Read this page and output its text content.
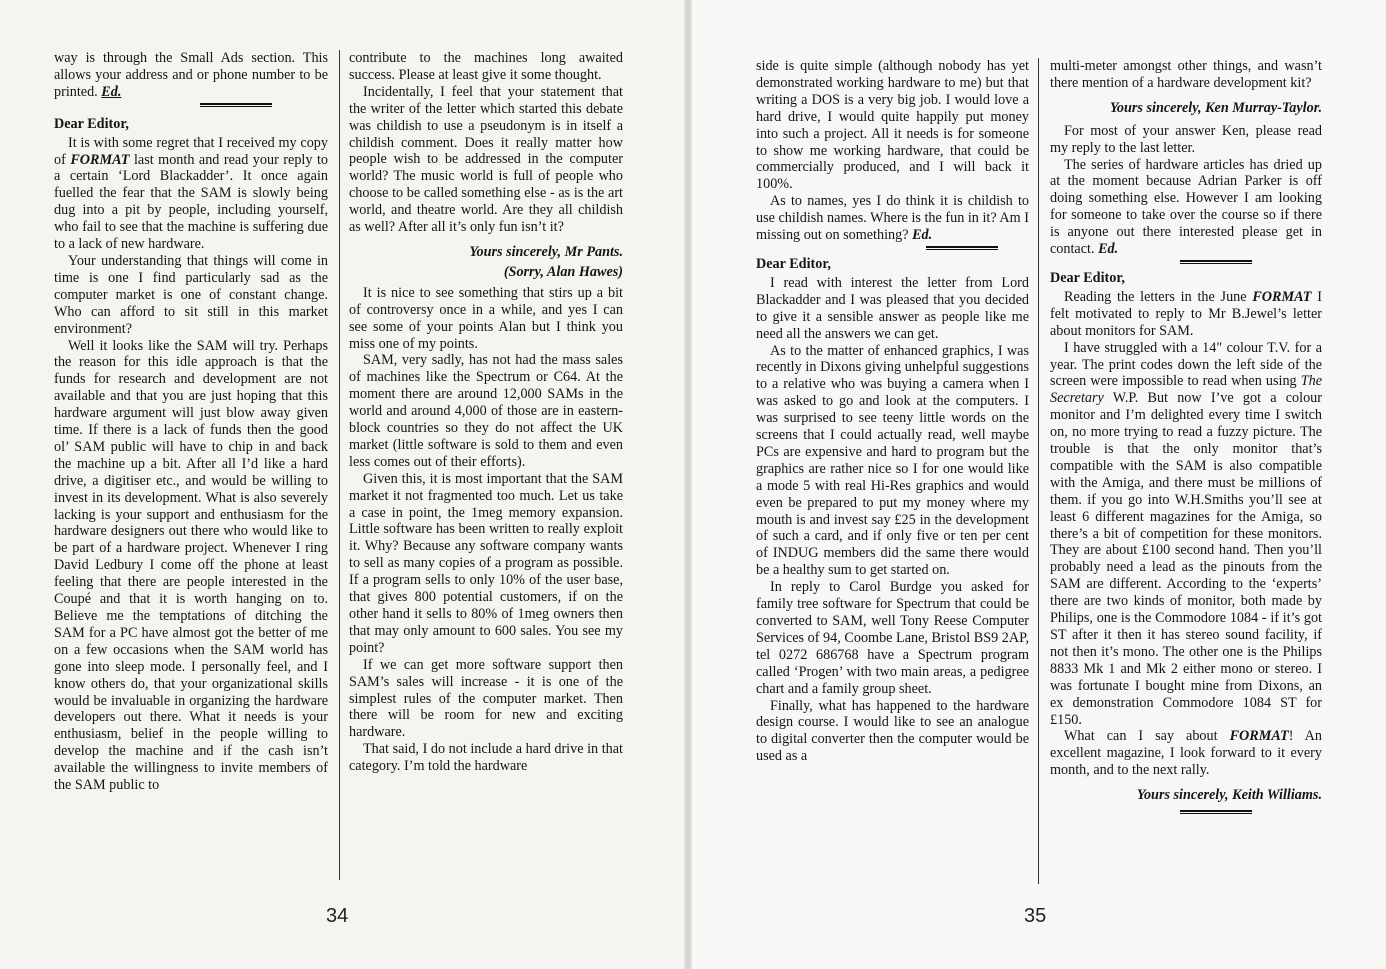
way is through the Small Ads section. This allows your address and or phone number to be printed. Ed.

Dear Editor,

It is with some regret that I received my copy of FORMAT last month and read your reply to a certain ‘Lord Blackadder’. It once again fuelled the fear that the SAM is slowly being dug into a pit by people, including yourself, who fail to see that the machine is suffering due to a lack of new hardware.

Your understanding that things will come in time is one I find particularly sad as the computer market is one of constant change. Who can afford to sit still in this market environment?

Well it looks like the SAM will try. Perhaps the reason for this idle approach is that the funds for research and development are not available and that you are just hoping that this hardware argument will just blow away given time. If there is a lack of funds then the good ol’ SAM public will have to chip in and back the machine up a bit. After all I’d like a hard drive, a digitiser etc., and would be willing to invest in its development. What is also severely lacking is your support and enthusiasm for the hardware designers out there who would like to be part of a hardware project. Whenever I ring David Ledbury I come off the phone at least feeling that there are people interested in the Coupé and that it is worth hanging on to. Believe me the temptations of ditching the SAM for a PC have almost got the better of me on a few occasions when the SAM world has gone into sleep mode. I personally feel, and I know others do, that your organizational skills would be invaluable in organizing the hardware developers out there. What it needs is your enthusiasm, belief in the people willing to develop the machine and if the cash isn’t available the willingness to invite members of the SAM public to

contribute to the machines long awaited success. Please at least give it some thought.

Incidentally, I feel that your statement that the writer of the letter which started this debate was childish to use a pseudonym is in itself a childish comment. Does it really matter how people wish to be addressed in the computer world? The music world is full of people who choose to be called something else - as is the art world, and theatre world. Are they all childish as well? After all it’s only fun isn’t it?

Yours sincerely, Mr Pants.

(Sorry, Alan Hawes)

It is nice to see something that stirs up a bit of controversy once in a while, and yes I can see some of your points Alan but I think you miss one of my points.

SAM, very sadly, has not had the mass sales of machines like the Spectrum or C64. At the moment there are around 12,000 SAMs in the world and around 4,000 of those are in eastern-block countries so they do not affect the UK market (little software is sold to them and even less comes out of their efforts).

Given this, it is most important that the SAM market it not fragmented too much. Let us take a case in point, the 1meg memory expansion. Little software has been written to really exploit it. Why? Because any software company wants to sell as many copies of a program as possible. If a program sells to only 10% of the user base, that gives 800 potential customers, if on the other hand it sells to 80% of 1meg owners then that may only amount to 600 sales. You see my point?

If we can get more software support then SAM’s sales will increase - it is one of the simplest rules of the computer market. Then there will be room for new and exciting hardware.

That said, I do not include a hard drive in that category. I’m told the hardware

34

side is quite simple (although nobody has yet demonstrated working hardware to me) but that writing a DOS is a very big job. I would love a hard drive, I would quite happily put money into such a project. All it needs is for someone to show me working hardware, that could be commercially produced, and I will back it 100%.

As to names, yes I do think it is childish to use childish names. Where is the fun in it? Am I missing out on something? Ed.

Dear Editor,

I read with interest the letter from Lord Blackadder and I was pleased that you decided to give it a sensible answer as people like me need all the answers we can get.

As to the matter of enhanced graphics, I was recently in Dixons giving unhelpful suggestions to a relative who was buying a camera when I was asked to go and look at the computers. I was surprised to see teeny little words on the screens that I could actually read, well maybe PCs are expensive and hard to program but the graphics are rather nice so I for one would like a mode 5 with real Hi-Res graphics and would even be prepared to put my money where my mouth is and invest say £25 in the development of such a card, and if only five or ten per cent of INDUG members did the same there would be a healthy sum to get started on.

In reply to Carol Burdge you asked for family tree software for Spectrum that could be converted to SAM, well Tony Reese Computer Services of 94, Coombe Lane, Bristol BS9 2AP, tel 0272 686768 have a Spectrum program called ‘Progen’ with two main areas, a pedigree chart and a family group sheet.

Finally, what has happened to the hardware design course. I would like to see an analogue to digital converter then the computer would be used as a

multi-meter amongst other things, and wasn’t there mention of a hardware development kit?

Yours sincerely, Ken Murray-Taylor.

For most of your answer Ken, please read my reply to the last letter.

The series of hardware articles has dried up at the moment because Adrian Parker is off doing something else. However I am looking for someone to take over the course so if there is anyone out there interested please get in contact. Ed.

Dear Editor,

Reading the letters in the June FORMAT I felt motivated to reply to Mr B.Jewel’s letter about monitors for SAM.

I have struggled with a 14" colour T.V. for a year. The print codes down the left side of the screen were impossible to read when using The Secretary W.P. But now I’ve got a colour monitor and I’m delighted every time I switch on, no more trying to read a fuzzy picture. The trouble is that the only monitor that’s compatible with the SAM is also compatible with the Amiga, and there must be millions of them. if you go into W.H.Smiths you’ll see at least 6 different magazines for the Amiga, so there’s a bit of competition for these monitors. They are about £100 second hand. Then you’ll probably need a lead as the pinouts from the SAM are different. According to the ‘experts’ there are two kinds of monitor, both made by Philips, one is the Commodore 1084 - if it’s got ST after it then it has stereo sound facility, if not then it’s mono. The other one is the Philips 8833 Mk 1 and Mk 2 either mono or stereo. I was fortunate I bought mine from Dixons, an ex demonstration Commodore 1084 ST for £150.

What can I say about FORMAT! An excellent magazine, I look forward to it every month, and to the next rally.

Yours sincerely, Keith Williams.

35
